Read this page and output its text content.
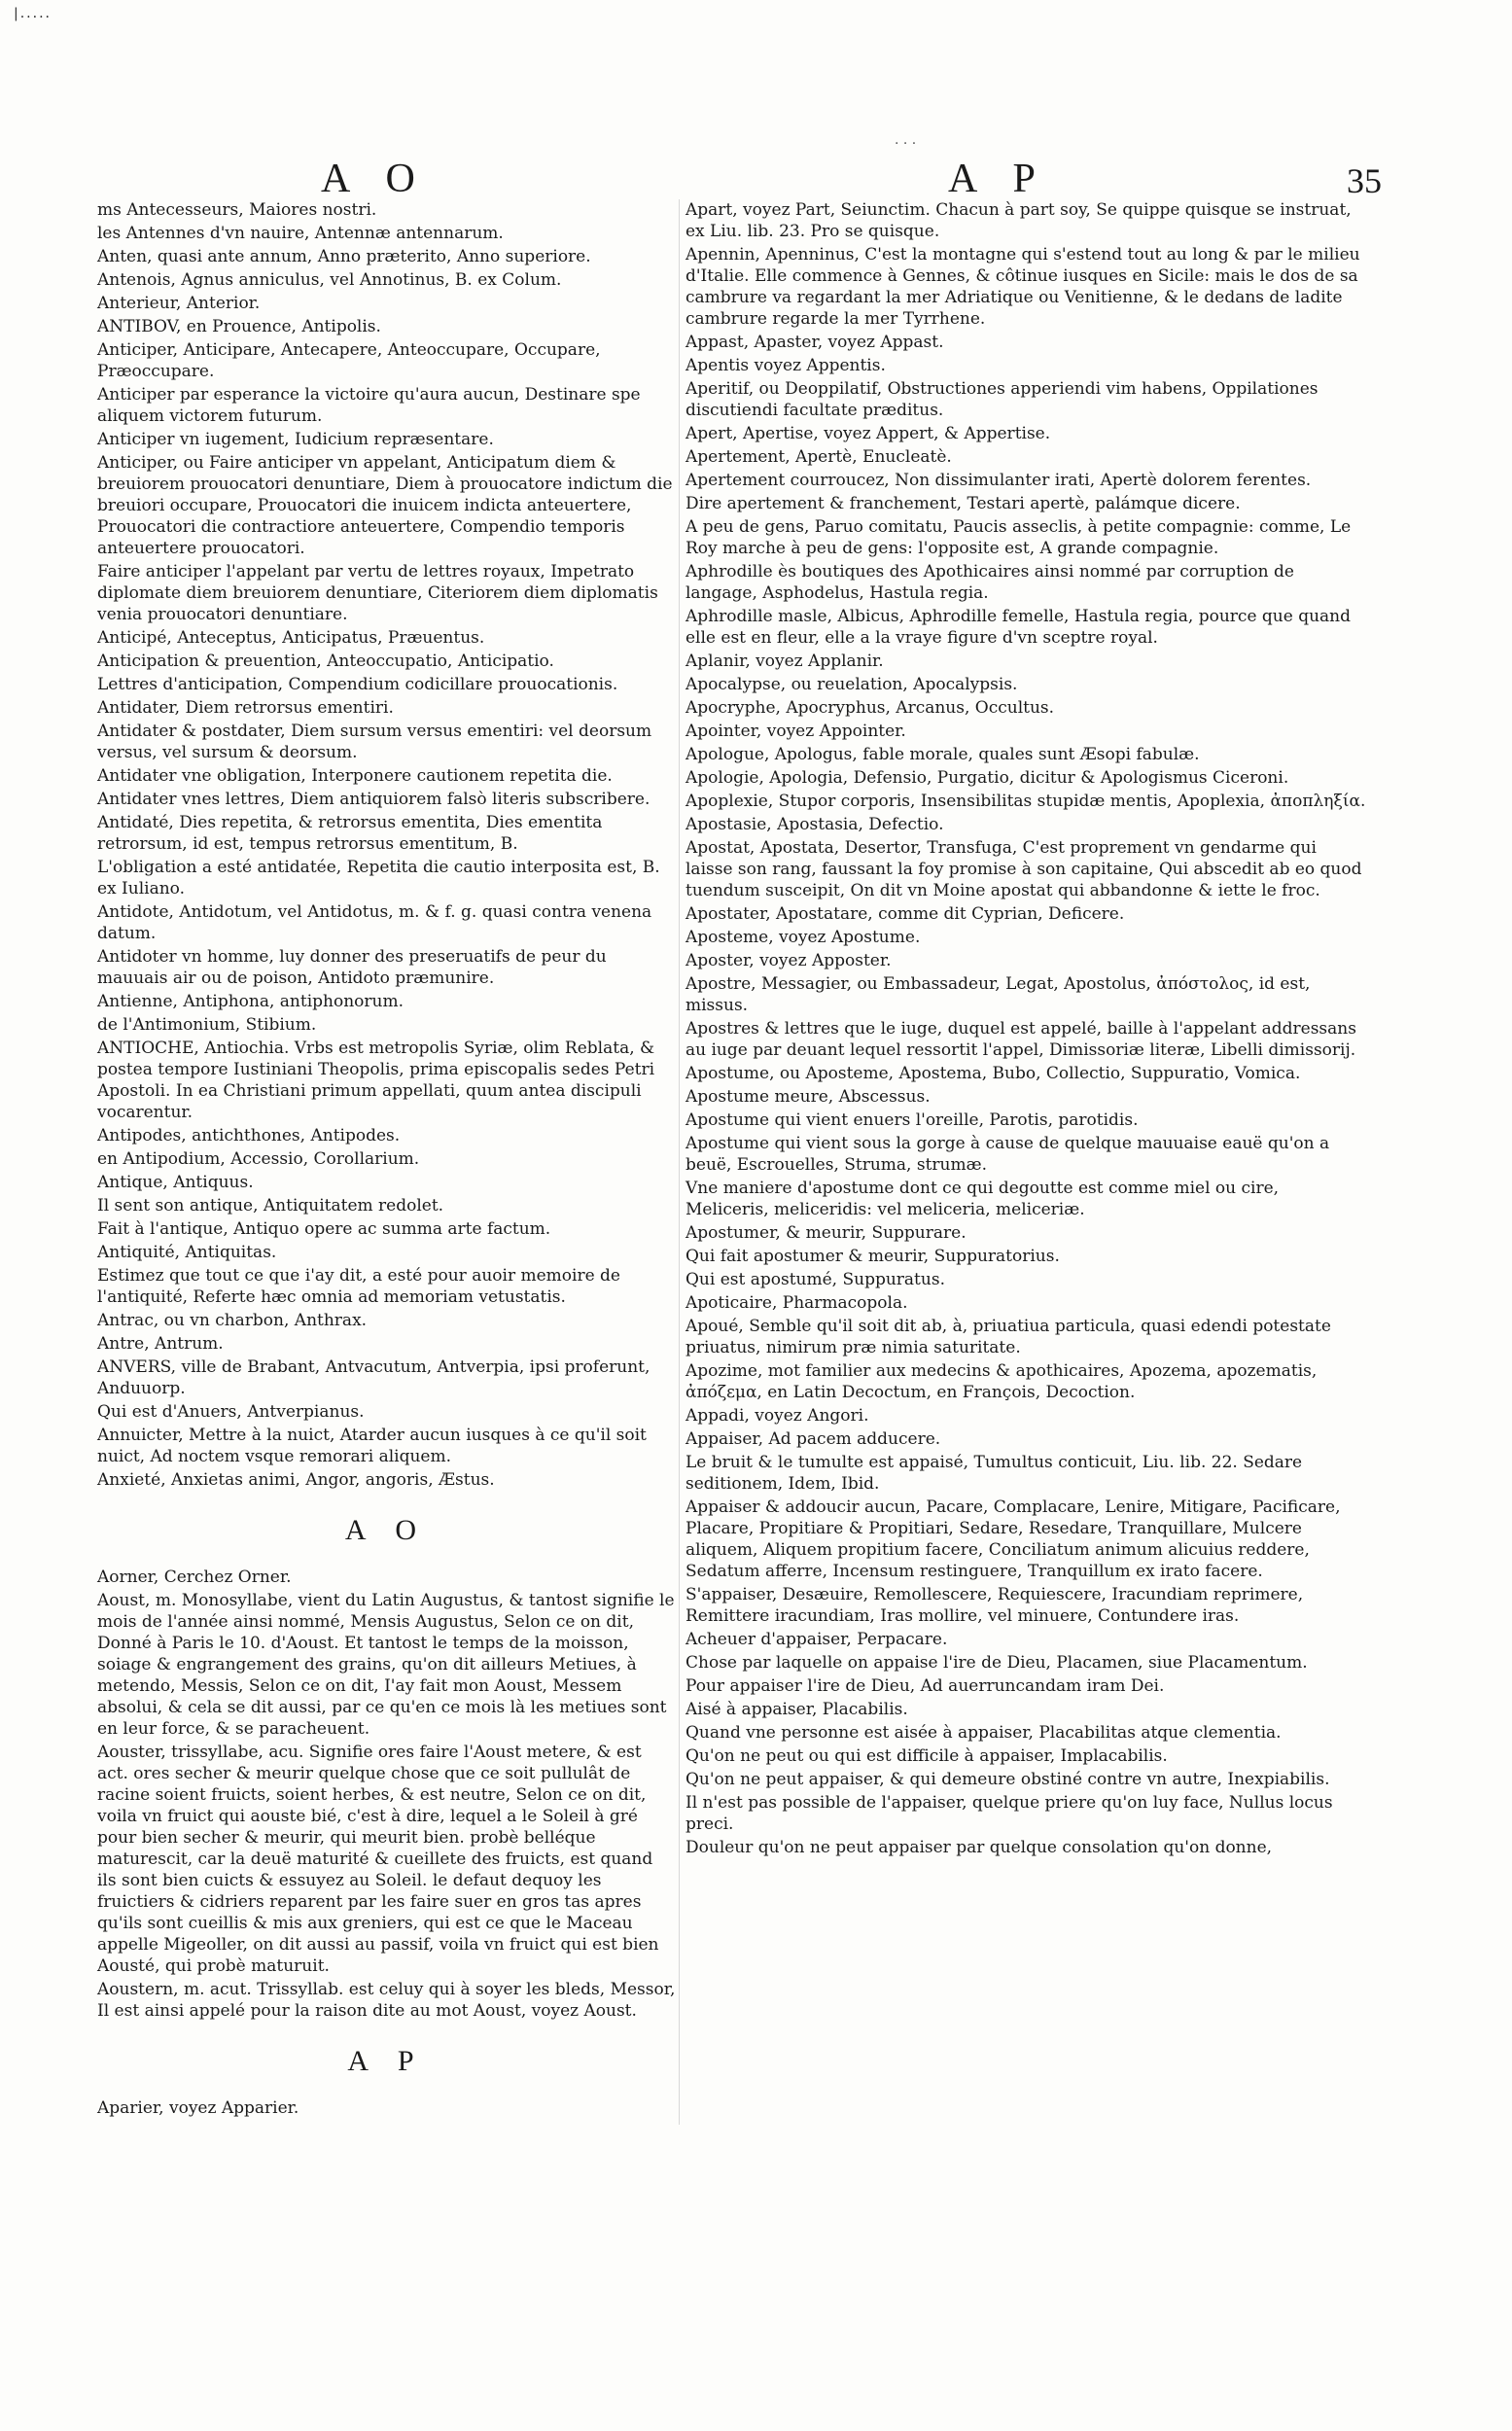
|.....
· · ·
A O	A P	35
ms Antecesseurs, Maiores nostri.
les Antennes d'vn nauire, Antennæ antennarum.
Anten, quasi ante annum, Anno præterito, Anno superiore.
Antenois, Agnus anniculus, vel Annotinus, B. ex Colum.
Anterieur, Anterior.
ANTIBOV, en Prouence, Antipolis.
Anticiper, Anticipare, Antecapere, Anteoccupare, Occupare, Præoccupare.
Anticiper par esperance la victoire qu'aura aucun, Destinare spe aliquem victorem futurum.
Anticiper vn iugement, Iudicium repræsentare.
Anticiper, ou Faire anticiper vn appelant, Anticipatum diem & breuiorem prouocatori denuntiare, Diem à prouocatore indictum die breuiori occupare, Prouocatori die inuicem indicta anteuertere, Prouocatori die contractiore anteuertere, Compendio temporis anteuertere prouocatori.
Faire anticiper l'appelant par vertu de lettres royaux, Impetrato diplomate diem breuiorem denuntiare, Citeriorem diem diplomatis venia prouocatori denuntiare.
Anticipé, Anteceptus, Anticipatus, Præuentus.
Anticipation & preuention, Anteoccupatio, Anticipatio.
Lettres d'anticipation, Compendium codicillare prouocationis.
Antidater, Diem retrorsus ementiri.
Antidater & postdater, Diem sursum versus ementiri: vel deorsum versus, vel sursum & deorsum.
Antidater vne obligation, Interponere cautionem repetita die.
Antidater vnes lettres, Diem antiquiorem falsò literis subscribere.
Antidaté, Dies repetita, & retrorsus ementita, Dies ementita retrorsum, id est, tempus retrorsus ementitum, B.
L'obligation a esté antidatée, Repetita die cautio interposita est, B. ex Iuliano.
Antidote, Antidotum, vel Antidotus, m. & f. g. quasi contra venena datum.
Antidoter vn homme, luy donner des preseruatifs de peur du mauuais air ou de poison, Antidoto præmunire.
Antienne, Antiphona, antiphonorum.
de l'Antimonium, Stibium.
ANTIOCHE, Antiochia. Vrbs est metropolis Syriæ, olim Reblata, & postea tempore Iustiniani Theopolis, prima episcopalis sedes Petri Apostoli. In ea Christiani primum appellati, quum antea discipuli vocarentur.
Antipodes, antichthones, Antipodes.
en Antipodium, Accessio, Corollarium.
Antique, Antiquus.
Il sent son antique, Antiquitatem redolet.
Fait à l'antique, Antiquo opere ac summa arte factum.
Antiquité, Antiquitas.
Estimez que tout ce que i'ay dit, a esté pour auoir memoire de l'antiquité, Referte hæc omnia ad memoriam vetustatis.
Antrac, ou vn charbon, Anthrax.
Antre, Antrum.
ANVERS, ville de Brabant, Antvacutum, Antverpia, ipsi proferunt, Anduuorp.
Qui est d'Anuers, Antverpianus.
Annuicter, Mettre à la nuict, Atarder aucun iusques à ce qu'il soit nuict, Ad noctem vsque remorari aliquem.
Anxieté, Anxietas animi, Angor, angoris, Æstus.
A O
Aorner, Cerchez Orner.
Aoust, m. Monosyllabe, vient du Latin Augustus, & tantost signifie le mois de l'année ainsi nommé, Mensis Augustus, Selon ce on dit, Donné à Paris le 10. d'Aoust. Et tantost le temps de la moisson, soiage & engrangement des grains, qu'on dit ailleurs Metiues, à metendo, Messis, Selon ce on dit, I'ay fait mon Aoust, Messem absolui, & cela se dit aussi, par ce qu'en ce mois là les metiues sont en leur force, & se paracheuent.
Aouster, trissyllabe, acu. Signifie ores faire l'Aoust metere, & est act. ores secher & meurir quelque chose que ce soit pullulât de racine soient fruicts, soient herbes, & est neutre, Selon ce on dit, voila vn fruict qui aouste bié, c'est à dire, lequel a le Soleil à gré pour bien secher & meurir, qui meurit bien. probè belléque maturescit, car la deuë maturité & cueillete des fruicts, est quand ils sont bien cuicts & essuyez au Soleil. le defaut dequoy les fruictiers & cidriers reparent par les faire suer en gros tas apres qu'ils sont cueillis & mis aux greniers, qui est ce que le Maceau appelle Migeoller, on dit aussi au passif, voila vn fruict qui est bien Aousté, qui probè maturuit.
Aoustern, m. acut. Trissyllab. est celuy qui à soyer les bleds, Messor, Il est ainsi appelé pour la raison dite au mot Aoust, voyez Aoust.
A P
Aparier, voyez Apparier.
Apart, voyez Part, Seiunctim. Chacun à part soy, Se quippe quisque se instruat, ex Liu. lib. 23. Pro se quisque.
Apennin, Apenninus, C'est la montagne qui s'estend tout au long & par le milieu d'Italie. Elle commence à Gennes, & côtinue iusques en Sicile: mais le dos de sa cambrure va regardant la mer Adriatique ou Venitienne, & le dedans de ladite cambrure regarde la mer Tyrrhene.
Appast, Apaster, voyez Appast.
Apentis voyez Appentis.
Aperitif, ou Deoppilatif, Obstructiones apperiendi vim habens, Oppilationes discutiendi facultate præditus.
Apert, Apertise, voyez Appert, & Appertise.
Apertement, Apertè, Enucleatè.
Apertement courroucez, Non dissimulanter irati, Apertè dolorem ferentes.
Dire apertement & franchement, Testari apertè, palámque dicere.
A peu de gens, Paruo comitatu, Paucis asseclis, à petite compagnie: comme, Le Roy marche à peu de gens: l'opposite est, A grande compagnie.
Aphrodille ès boutiques des Apothicaires ainsi nommé par corruption de langage, Asphodelus, Hastula regia.
Aphrodille masle, Albicus, Aphrodille femelle, Hastula regia, pource que quand elle est en fleur, elle a la vraye figure d'vn sceptre royal.
Aplanir, voyez Applanir.
Apocalypse, ou reuelation, Apocalypsis.
Apocryphe, Apocryphus, Arcanus, Occultus.
Apointer, voyez Appointer.
Apologue, Apologus, fable morale, quales sunt Æsopi fabulæ.
Apologie, Apologia, Defensio, Purgatio, dicitur & Apologismus Ciceroni.
Apoplexie, Stupor corporis, Insensibilitas stupidæ mentis, Apoplexia, ἀποπληξία.
Apostasie, Apostasia, Defectio.
Apostat, Apostata, Desertor, Transfuga, C'est proprement vn gendarme qui laisse son rang, faussant la foy promise à son capitaine, Qui abscedit ab eo quod tuendum susceipit, On dit vn Moine apostat qui abbandonne & iette le froc.
Apostater, Apostatare, comme dit Cyprian, Deficere.
Aposteme, voyez Apostume.
Aposter, voyez Apposter.
Apostre, Messagier, ou Embassadeur, Legat, Apostolus, ἀπόστολος, id est, missus.
Apostres & lettres que le iuge, duquel est appelé, baille à l'appelant addressans au iuge par deuant lequel ressortit l'appel, Dimissoriæ literæ, Libelli dimissorij.
Apostume, ou Aposteme, Apostema, Bubo, Collectio, Suppuratio, Vomica.
Apostume meure, Abscessus.
Apostume qui vient enuers l'oreille, Parotis, parotidis.
Apostume qui vient sous la gorge à cause de quelque mauuaise eauë qu'on a beuë, Escrouelles, Struma, strumæ.
Vne maniere d'apostume dont ce qui degoutte est comme miel ou cire, Meliceris, meliceridis: vel meliceria, meliceriæ.
Apostumer, & meurir, Suppurare.
Qui fait apostumer & meurir, Suppuratorius.
Qui est apostumé, Suppuratus.
Apoticaire, Pharmacopola.
Apoué, Semble qu'il soit dit ab, à, priuatiua particula, quasi edendi potestate priuatus, nimirum præ nimia saturitate.
Apozime, mot familier aux medecins & apothicaires, Apozema, apozematis, ἀπόζεμα, en Latin Decoctum, en François, Decoction.
Appadi, voyez Angori.
Appaiser, Ad pacem adducere.
Le bruit & le tumulte est appaisé, Tumultus conticuit, Liu. lib. 22. Sedare seditionem, Idem, Ibid.
Appaiser & addoucir aucun, Pacare, Complacare, Lenire, Mitigare, Pacificare, Placare, Propitiare & Propitiari, Sedare, Resedare, Tranquillare, Mulcere aliquem, Aliquem propitium facere, Conciliatum animum alicuius reddere, Sedatum afferre, Incensum restinguere, Tranquillum ex irato facere.
S'appaiser, Desæuire, Remollescere, Requiescere, Iracundiam reprimere, Remittere iracundiam, Iras mollire, vel minuere, Contundere iras.
Acheuer d'appaiser, Perpacare.
Chose par laquelle on appaise l'ire de Dieu, Placamen, siue Placamentum.
Pour appaiser l'ire de Dieu, Ad auerruncandam iram Dei.
Aisé à appaiser, Placabilis.
Quand vne personne est aisée à appaiser, Placabilitas atque clementia.
Qu'on ne peut ou qui est difficile à appaiser, Implacabilis.
Qu'on ne peut appaiser, & qui demeure obstiné contre vn autre, Inexpiabilis.
Il n'est pas possible de l'appaiser, quelque priere qu'on luy face, Nullus locus preci.
Douleur qu'on ne peut appaiser par quelque consolation qu'on donne,
